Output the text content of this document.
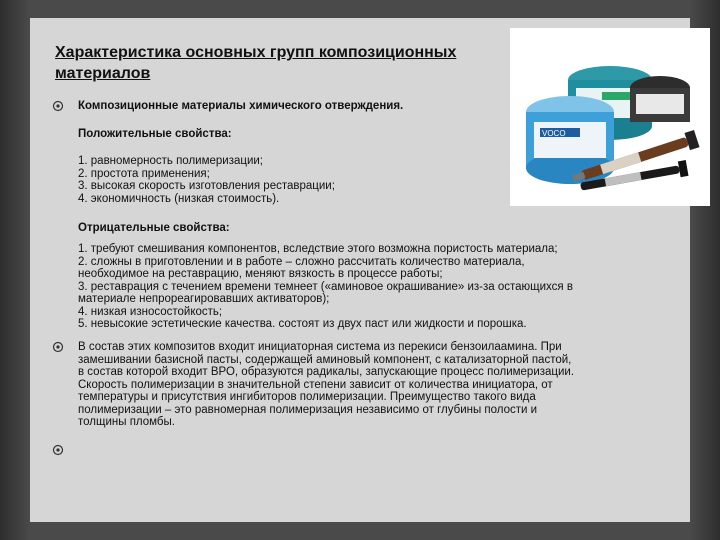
Характеристика основных групп композиционных материалов
VOCO

Композиционные материалы химического отверждения.

Положительные свойства:

1. равномерность полимеризации;
2. простота применения;
3. высокая скорость изготовления реставрации;
4. экономичность (низкая стоимость).

Отрицательные свойства:

1. требуют смешивания компонентов, вследствие этого возможна пористость материала;
2. сложны в приготовлении и в работе – сложно рассчитать количество материала,
необходимое на реставрацию, меняют вязкость в процессе работы;
3. реставрация с течением времени темнеет («аминовое окрашивание» из-за остающихся в
материале непрореагировавших активаторов);
4. низкая износостойкость;
5. невысокие эстетические качества. состоят из двух паст или жидкости и порошка.

В состав этих композитов входит инициаторная система из перекиси бензоилаамина. При
замешивании базисной пасты, содержащей аминовый компонент, с катализаторной пастой,
в состав которой входит ВРО, образуются радикалы, запускающие процесс полимеризации.
Скорость полимеризации в значительной степени зависит от количества инициатора, от
температуры и присутствия ингибиторов полимеризации. Преимущество такого вида
полимеризации – это равномерная полимеризация независимо от глубины полости и
толщины пломбы.
